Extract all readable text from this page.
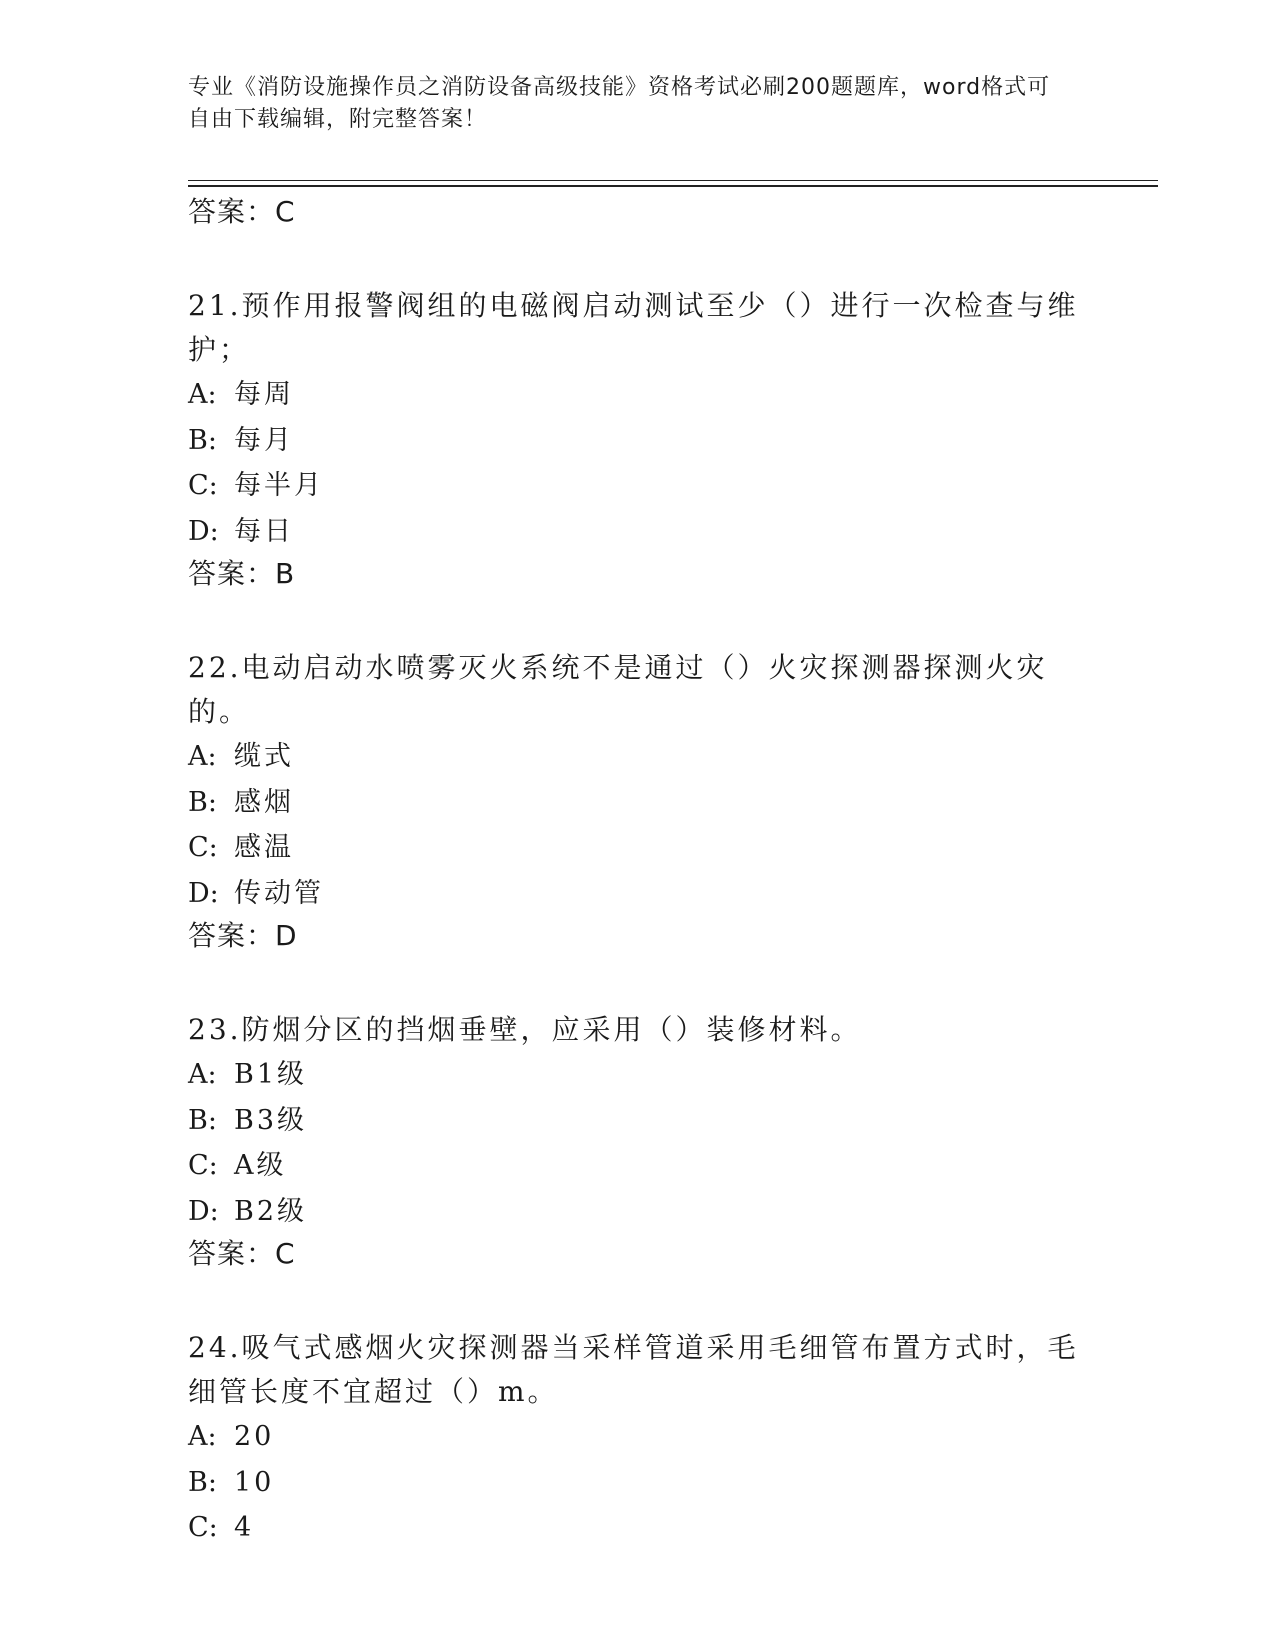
专业《消防设施操作员之消防设备高级技能》资格考试必刷200题题库，word格式可自由下载编辑，附完整答案！
答案：C
21.预作用报警阀组的电磁阀启动测试至少（）进行一次检查与维护；
A: 每周
B: 每月
C: 每半月
D: 每日
答案：B
22.电动启动水喷雾灭火系统不是通过（）火灾探测器探测火灾的。
A: 缆式
B: 感烟
C: 感温
D: 传动管
答案：D
23.防烟分区的挡烟垂壁，应采用（）装修材料。
A: B1级
B: B3级
C: A级
D: B2级
答案：C
24.吸气式感烟火灾探测器当采样管道采用毛细管布置方式时，毛细管长度不宜超过（）m。
A: 20
B: 10
C: 4
